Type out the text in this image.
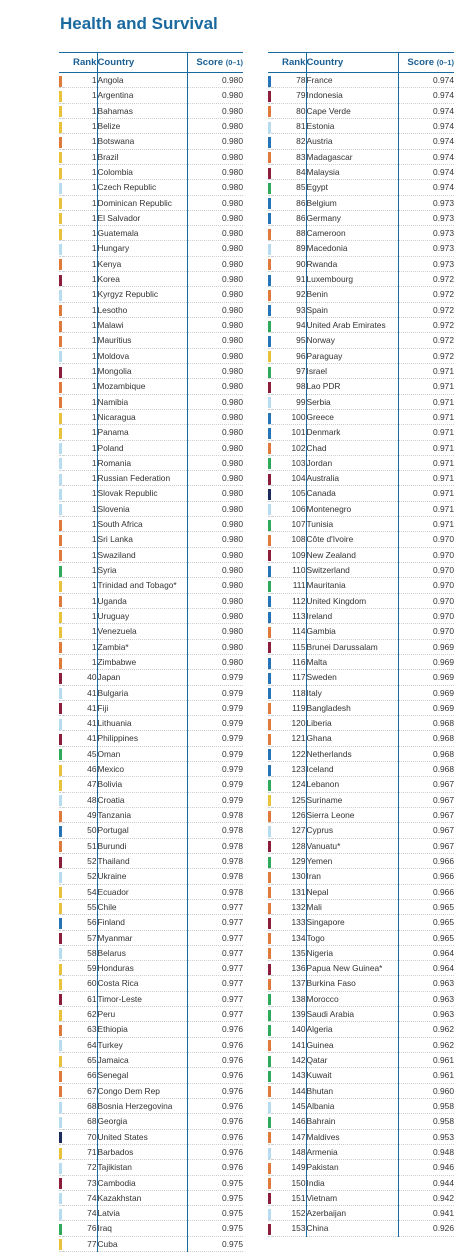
Health and Survival
Rank		Country	Score (0–1)

	1	Angola	0.980

	1	Argentina	0.980

	1	Bahamas	0.980

	1	Belize	0.980

	1	Botswana	0.980

	1	Brazil	0.980

	1	Colombia	0.980

	1	Czech Republic	0.980

	1	Dominican Republic	0.980

	1	El Salvador	0.980

	1	Guatemala	0.980

	1	Hungary	0.980

	1	Kenya	0.980

	1	Korea	0.980

	1	Kyrgyz Republic	0.980

	1	Lesotho	0.980

	1	Malawi	0.980

	1	Mauritius	0.980

	1	Moldova	0.980

	1	Mongolia	0.980

	1	Mozambique	0.980

	1	Namibia	0.980

	1	Nicaragua	0.980

	1	Panama	0.980

	1	Poland	0.980

	1	Romania	0.980

	1	Russian Federation	0.980

	1	Slovak Republic	0.980

	1	Slovenia	0.980

	1	South Africa	0.980

	1	Sri Lanka	0.980

	1	Swaziland	0.980

	1	Syria	0.980

	1	Trinidad and Tobago*	0.980

	1	Uganda	0.980

	1	Uruguay	0.980

	1	Venezuela	0.980

	1	Zambia*	0.980

	1	Zimbabwe	0.980

	40	Japan	0.979

	41	Bulgaria	0.979

	41	Fiji	0.979

	41	Lithuania	0.979

	41	Philippines	0.979

	45	Oman	0.979

	46	Mexico	0.979

	47	Bolivia	0.979

	48	Croatia	0.979

	49	Tanzania	0.978

	50	Portugal	0.978

	51	Burundi	0.978

	52	Thailand	0.978

	52	Ukraine	0.978

	54	Ecuador	0.978

	55	Chile	0.977

	56	Finland	0.977

	57	Myanmar	0.977

	58	Belarus	0.977

	59	Honduras	0.977

	60	Costa Rica	0.977

	61	Timor-Leste	0.977

	62	Peru	0.977

	63	Ethiopia	0.976

	64	Turkey	0.976

	65	Jamaica	0.976

	66	Senegal	0.976

	67	Congo Dem Rep	0.976

	68	Bosnia Herzegovina	0.976

	68	Georgia	0.976

	70	United States	0.976

	71	Barbados	0.976

	72	Tajikistan	0.976

	73	Cambodia	0.975

	74	Kazakhstan	0.975

	74	Latvia	0.975

	76	Iraq	0.975

	77	Cuba	0.975
Rank		Country	Score (0–1)

	78	France	0.974

	79	Indonesia	0.974

	80	Cape Verde	0.974

	81	Estonia	0.974

	82	Austria	0.974

	83	Madagascar	0.974

	84	Malaysia	0.974

	85	Egypt	0.974

	86	Belgium	0.973

	86	Germany	0.973

	88	Cameroon	0.973

	89	Macedonia	0.973

	90	Rwanda	0.973

	91	Luxembourg	0.972

	92	Benin	0.972

	93	Spain	0.972

	94	United Arab Emirates	0.972

	95	Norway	0.972

	96	Paraguay	0.972

	97	Israel	0.971

	98	Lao PDR	0.971

	99	Serbia	0.971

	100	Greece	0.971

	101	Denmark	0.971

	102	Chad	0.971

	103	Jordan	0.971

	104	Australia	0.971

	105	Canada	0.971

	106	Montenegro	0.971

	107	Tunisia	0.971

	108	Côte d'Ivoire	0.970

	109	New Zealand	0.970

	110	Switzerland	0.970

	111	Mauritania	0.970

	112	United Kingdom	0.970

	113	Ireland	0.970

	114	Gambia	0.970

	115	Brunei Darussalam	0.969

	116	Malta	0.969

	117	Sweden	0.969

	118	Italy	0.969

	119	Bangladesh	0.969

	120	Liberia	0.968

	121	Ghana	0.968

	122	Netherlands	0.968

	123	Iceland	0.968

	124	Lebanon	0.967

	125	Suriname	0.967

	126	Sierra Leone	0.967

	127	Cyprus	0.967

	128	Vanuatu*	0.967

	129	Yemen	0.966

	130	Iran	0.966

	131	Nepal	0.966

	132	Mali	0.965

	133	Singapore	0.965

	134	Togo	0.965

	135	Nigeria	0.964

	136	Papua New Guinea*	0.964

	137	Burkina Faso	0.963

	138	Morocco	0.963

	139	Saudi Arabia	0.963

	140	Algeria	0.962

	141	Guinea	0.962

	142	Qatar	0.961

	143	Kuwait	0.961

	144	Bhutan	0.960

	145	Albania	0.958

	146	Bahrain	0.958

	147	Maldives	0.953

	148	Armenia	0.948

	149	Pakistan	0.946

	150	India	0.944

	151	Vietnam	0.942

	152	Azerbaijan	0.941

	153	China	0.926
